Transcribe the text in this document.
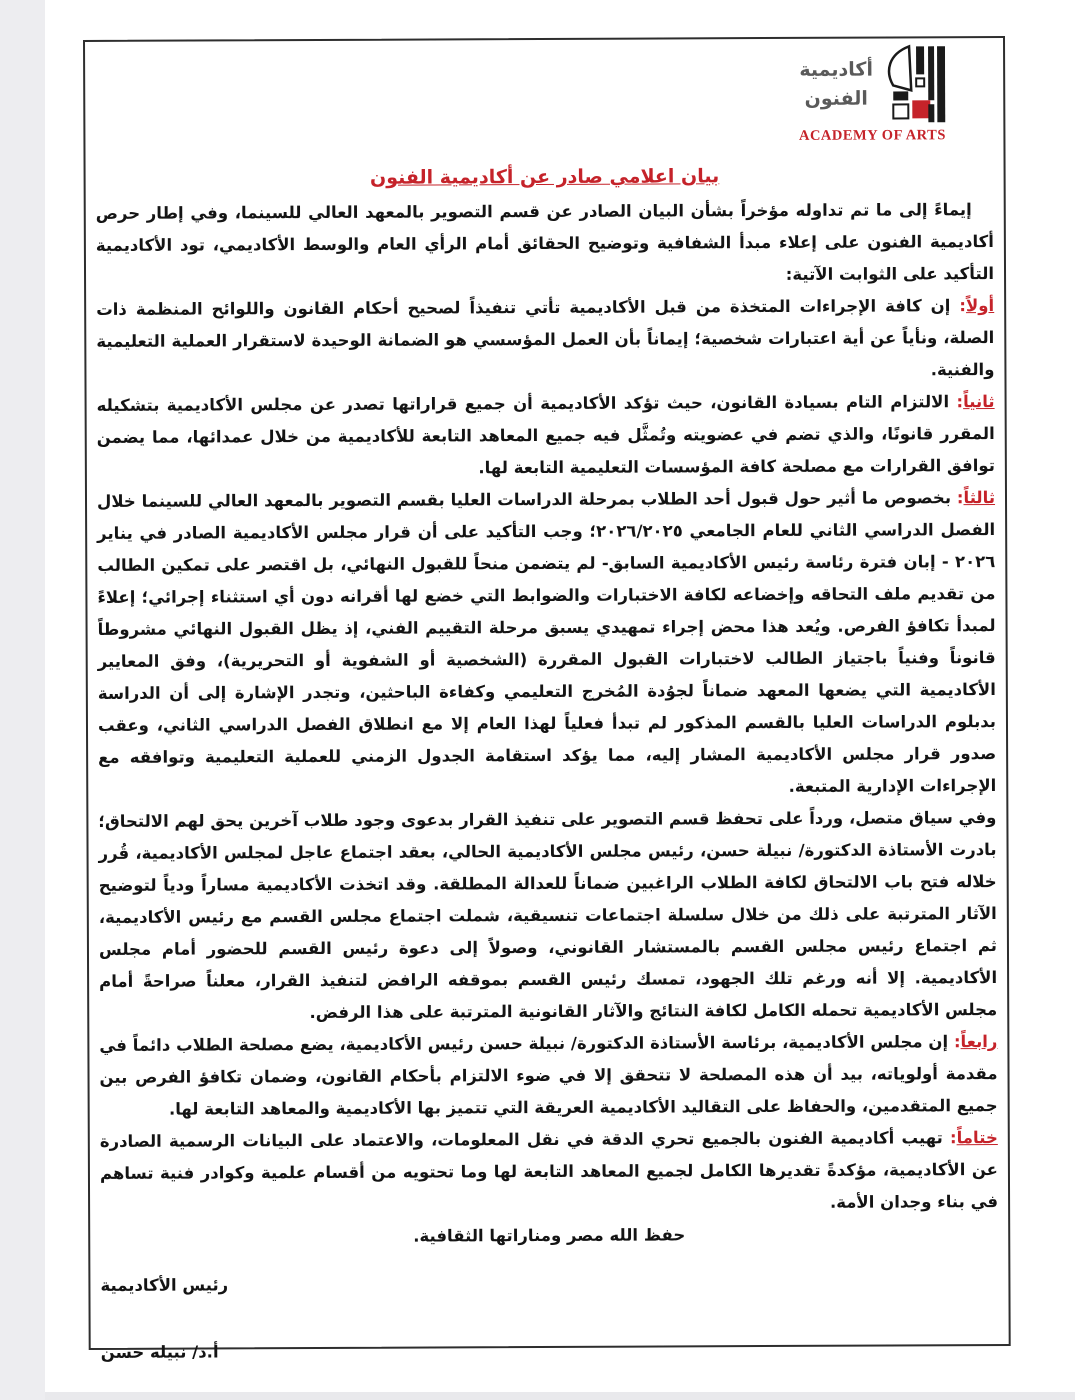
أكاديمية
الفنون
ACADEMY OF ARTS
بيان اعلامي صادر عن أكاديمية الفنون

إيماءً إلى ما تم تداوله مؤخراً بشأن البيان الصادر عن قسم التصوير بالمعهد العالي للسينما، وفي إطار حرص أكاديمية الفنون على إعلاء مبدأ الشفافية وتوضيح الحقائق أمام الرأي العام والوسط الأكاديمي، تود الأكاديمية التأكيد على الثوابت الآتية:

أولاً: إن كافة الإجراءات المتخذة من قبل الأكاديمية تأتي تنفيذاً لصحيح أحكام القانون واللوائح المنظمة ذات الصلة، ونأياً عن أية اعتبارات شخصية؛ إيماناً بأن العمل المؤسسي هو الضمانة الوحيدة لاستقرار العملية التعليمية والفنية.

ثانياً: الالتزام التام بسيادة القانون، حيث تؤكد الأكاديمية أن جميع قراراتها تصدر عن مجلس الأكاديمية بتشكيله المقرر قانونًا، والذي تضم في عضويته وتُمثَّل فيه جميع المعاهد التابعة للأكاديمية من خلال عمدائها، مما يضمن توافق القرارات مع مصلحة كافة المؤسسات التعليمية التابعة لها.

ثالثاً: بخصوص ما أثير حول قبول أحد الطلاب بمرحلة الدراسات العليا بقسم التصوير بالمعهد العالي للسينما خلال الفصل الدراسي الثاني للعام الجامعي ٢٠٢٦/٢٠٢٥؛ وجب التأكيد على أن قرار مجلس الأكاديمية الصادر في يناير ٢٠٢٦ - إبان فترة رئاسة رئيس الأكاديمية السابق- لم يتضمن منحاً للقبول النهائي، بل اقتصر على تمكين الطالب من تقديم ملف التحاقه وإخضاعه لكافة الاختبارات والضوابط التي خضع لها أقرانه دون أي استثناء إجرائي؛ إعلاءً لمبدأ تكافؤ الفرص. ويُعد هذا محض إجراء تمهيدي يسبق مرحلة التقييم الفني، إذ يظل القبول النهائي مشروطاً قانوناً وفنياً باجتياز الطالب لاختبارات القبول المقررة (الشخصية أو الشفوية أو التحريرية)، وفق المعايير الأكاديمية التي يضعها المعهد ضماناً لجوُدة المُخرج التعليمي وكفاءة الباحثين، وتجدر الإشارة إلى أن الدراسة بدبلوم الدراسات العليا بالقسم المذكور لم تبدأ فعلياً لهذا العام إلا مع انطلاق الفصل الدراسي الثاني، وعقب صدور قرار مجلس الأكاديمية المشار إليه، مما يؤكد استقامة الجدول الزمني للعملية التعليمية وتوافقه مع الإجراءات الإدارية المتبعة.

وفي سياق متصل، ورداً على تحفظ قسم التصوير على تنفيذ القرار بدعوى وجود طلاب آخرين يحق لهم الالتحاق؛ بادرت الأستاذة الدكتورة/ نبيلة حسن، رئيس مجلس الأكاديمية الحالي، بعقد اجتماع عاجل لمجلس الأكاديمية، قُرر خلاله فتح باب الالتحاق لكافة الطلاب الراغبين ضماناً للعدالة المطلقة. وقد اتخذت الأكاديمية مساراً ودياً لتوضيح الآثار المترتبة على ذلك من خلال سلسلة اجتماعات تنسيقية، شملت اجتماع مجلس القسم مع رئيس الأكاديمية، ثم اجتماع رئيس مجلس القسم بالمستشار القانوني، وصولاً إلى دعوة رئيس القسم للحضور أمام مجلس الأكاديمية. إلا أنه ورغم تلك الجهود، تمسك رئيس القسم بموقفه الرافض لتنفيذ القرار، معلناً صراحةً أمام مجلس الأكاديمية تحمله الكامل لكافة النتائج والآثار القانونية المترتبة على هذا الرفض.

رابعاً: إن مجلس الأكاديمية، برئاسة الأستاذة الدكتورة/ نبيلة حسن رئيس الأكاديمية، يضع مصلحة الطلاب دائماً في مقدمة أولوياته، بيد أن هذه المصلحة لا تتحقق إلا في ضوء الالتزام بأحكام القانون، وضمان تكافؤ الفرص بين جميع المتقدمين، والحفاظ على التقاليد الأكاديمية العريقة التي تتميز بها الأكاديمية والمعاهد التابعة لها.

ختاماً: تهيب أكاديمية الفنون بالجميع تحري الدقة في نقل المعلومات، والاعتماد على البيانات الرسمية الصادرة عن الأكاديمية، مؤكدةً تقديرها الكامل لجميع المعاهد التابعة لها وما تحتويه من أقسام علمية وكوادر فنية تساهم في بناء وجدان الأمة.

حفظ الله مصر ومناراتها الثقافية.

رئيس الأكاديمية

أ.د/ نبيله حسن
